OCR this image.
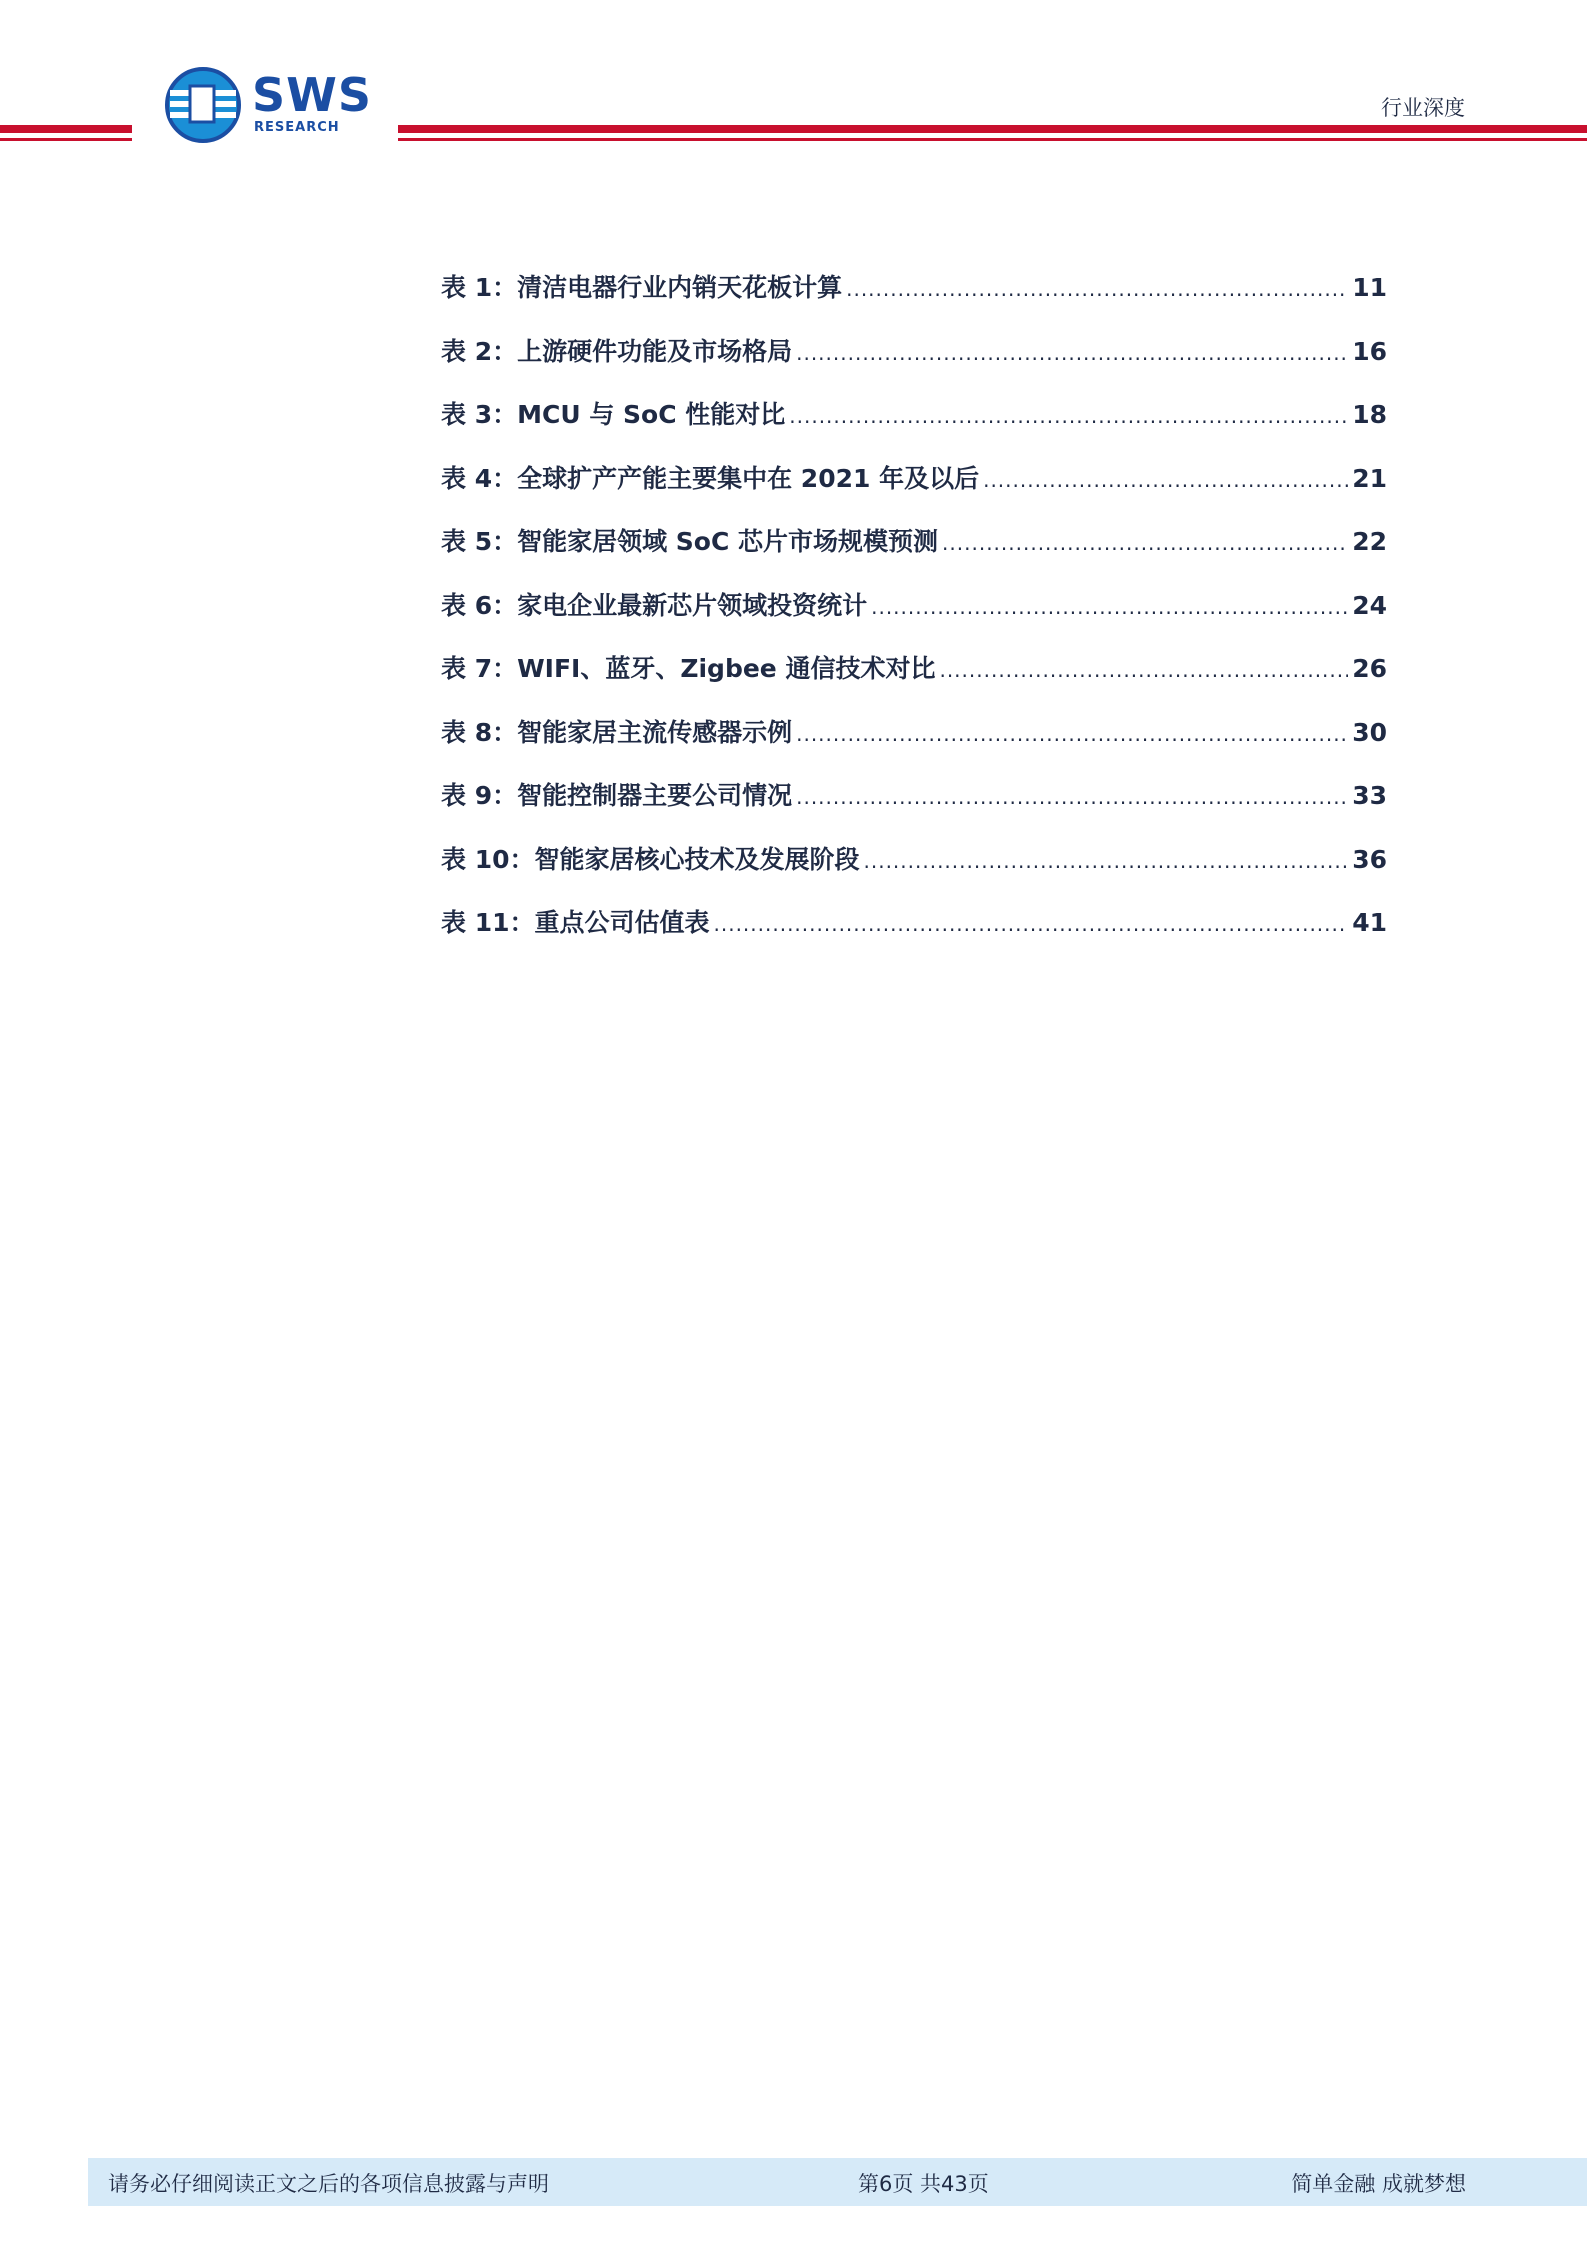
SWS
RESEARCH
行业深度
表 1：清洁电器行业内销天花板计算 .....	11
表 2：上游硬件功能及市场格局 .....	16
表 3：MCU 与 SoC 性能对比 .....	18
表 4：全球扩产产能主要集中在 2021 年及以后 .....	21
表 5：智能家居领域 SoC 芯片市场规模预测 .....	22
表 6：家电企业最新芯片领域投资统计 .....	24
表 7：WIFI、蓝牙、Zigbee 通信技术对比 .....	26
表 8：智能家居主流传感器示例 .....	30
表 9：智能控制器主要公司情况 .....	33
表 10：智能家居核心技术及发展阶段 .....	36
表 11：重点公司估值表 .....	41
请务必仔细阅读正文之后的各项信息披露与声明	第6页 共43页	简单金融 成就梦想
